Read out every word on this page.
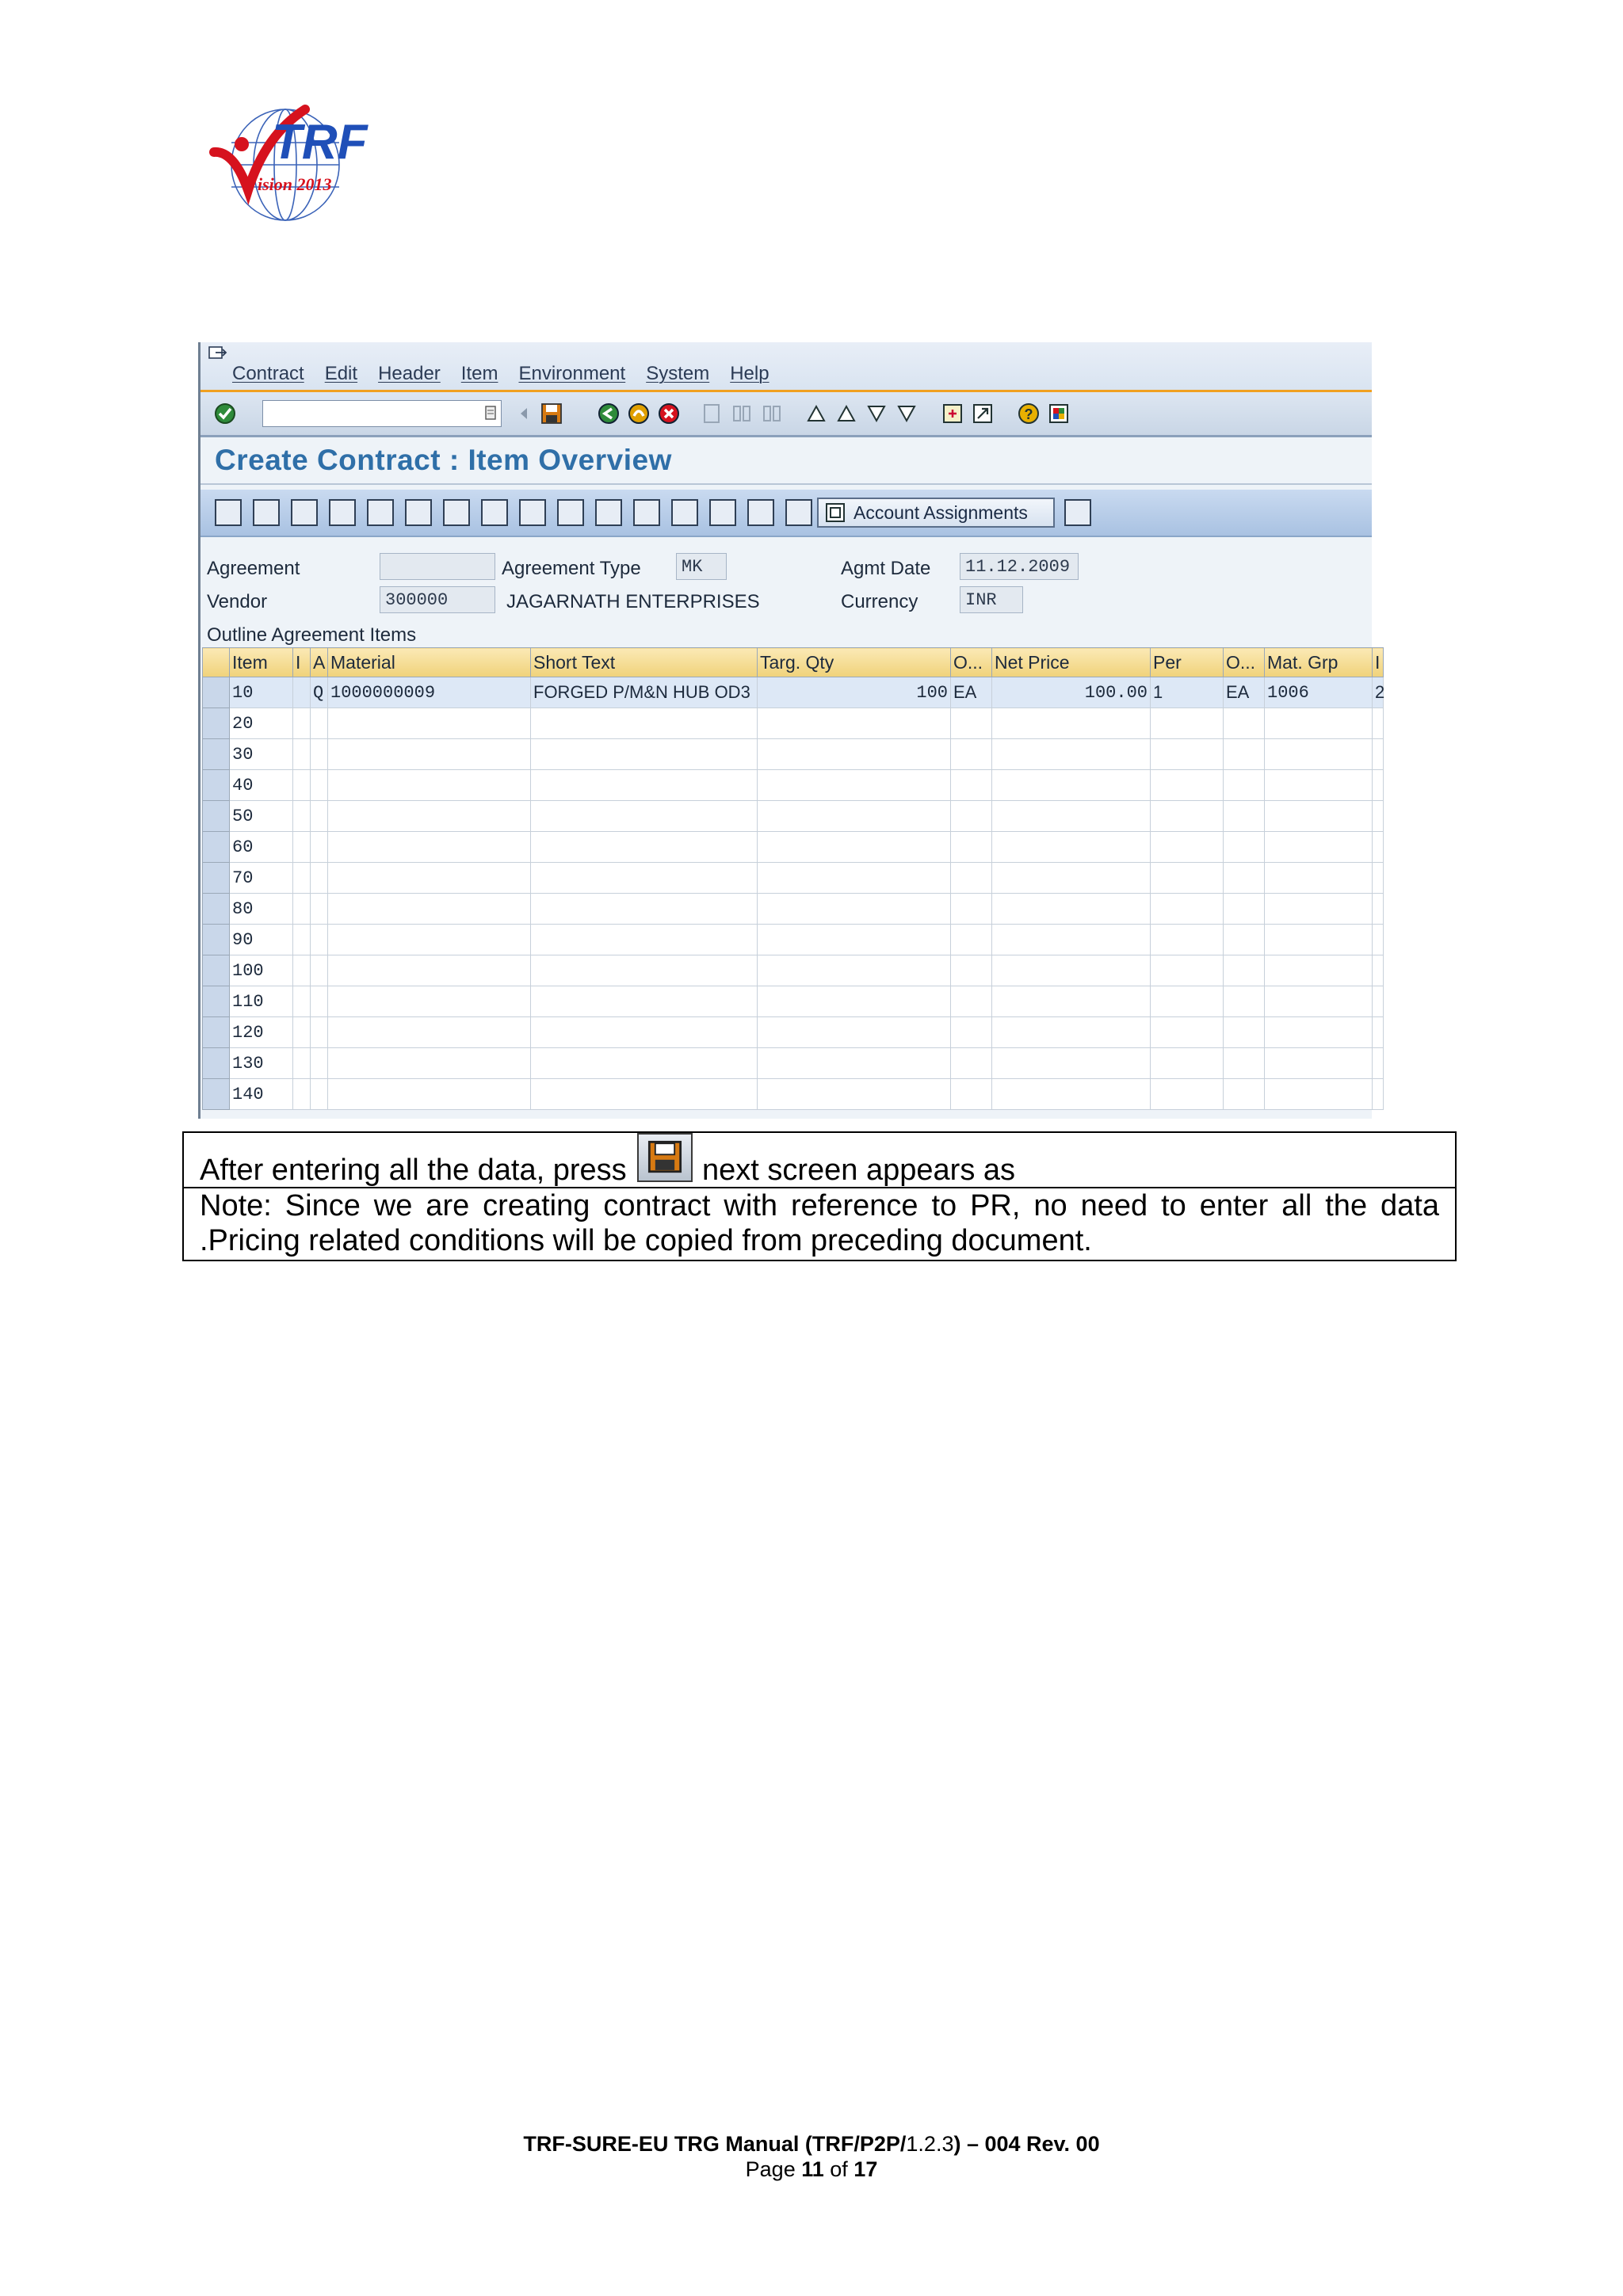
TRF
ision 2013
Contract Edit Header Item Environment System Help
?
Create Contract : Item Overview
Account Assignments
Agreement	Agreement Type	MK	Agmt Date	11.12.2009
Vendor	300000	JAGARNATH ENTERPRISES	Currency	INR
Outline Agreement Items
	Item	I	A	Material	Short Text	Targ. Qty	O...	Net Price	Per	O...	Mat. Grp	I
	10		Q	1000000009	FORGED P/M&N HUB OD3	100	EA	100.00	1	EA	1006	2
	20											
	30											
	40											
	50											
	60											
	70											
	80											
	90											
	100											
	110											
	120											
	130											
	140											
After entering all the data, press	next screen appears as
Note: Since we are creating contract with reference to PR, no need to enter all the data .Pricing related conditions will be copied from preceding document.
TRF-SURE-EU TRG Manual (TRF/P2P/1.2.3) – 004 Rev. 00
Page 11 of 17
